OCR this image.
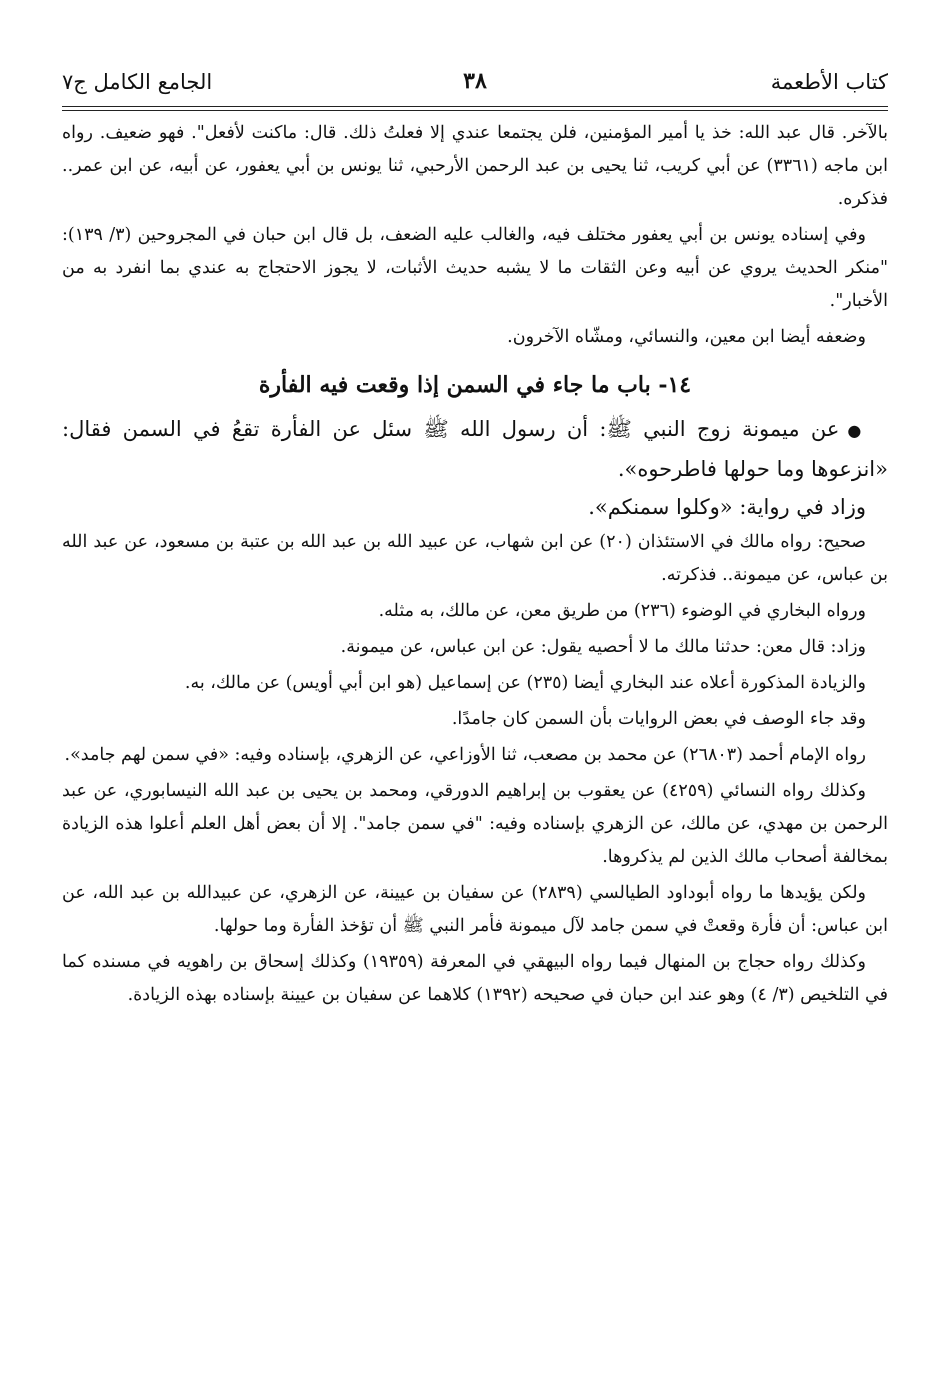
كتاب الأطعمة
٣٨
الجامع الكامل ج٧

بالآخر. قال عبد الله: خذ يا أمير المؤمنين، فلن يجتمعا عندي إلا فعلتُ ذلك. قال: ماكنت لأفعل". فهو ضعيف. رواه ابن ماجه (٣٣٦١) عن أبي كريب، ثنا يحيى بن عبد الرحمن الأرحبي، ثنا يونس بن أبي يعفور، عن أبيه، عن ابن عمر.. فذكره.

وفي إسناده يونس بن أبي يعفور مختلف فيه، والغالب عليه الضعف، بل قال ابن حبان في المجروحين (٣/ ١٣٩): "منكر الحديث يروي عن أبيه وعن الثقات ما لا يشبه حديث الأثبات، لا يجوز الاحتجاج به عندي بما انفرد به من الأخبار".

وضعفه أيضا ابن معين، والنسائي، ومشّاه الآخرون.

١٤- باب ما جاء في السمن إذا وقعت فيه الفأرة

●عن ميمونة زوج النبي ﷺ: أن رسول الله ﷺ سئل عن الفأرة تقعُ في السمن فقال: «انزعوها وما حولها فاطرحوه».

وزاد في رواية: «وكلوا سمنكم».

صحيح: رواه مالك في الاستئذان (٢٠) عن ابن شهاب، عن عبيد الله بن عبد الله بن عتبة بن مسعود، عن عبد الله بن عباس، عن ميمونة.. فذكرته.

ورواه البخاري في الوضوء (٢٣٦) من طريق معن، عن مالك، به مثله.

وزاد: قال معن: حدثنا مالك ما لا أحصيه يقول: عن ابن عباس، عن ميمونة.

والزيادة المذكورة أعلاه عند البخاري أيضا (٢٣٥) عن إسماعيل (هو ابن أبي أويس) عن مالك، به.

وقد جاء الوصف في بعض الروايات بأن السمن كان جامدًا.

رواه الإمام أحمد (٢٦٨٠٣) عن محمد بن مصعب، ثنا الأوزاعي، عن الزهري، بإسناده وفيه: «في سمن لهم جامد».

وكذلك رواه النسائي (٤٢٥٩) عن يعقوب بن إبراهيم الدورقي، ومحمد بن يحيى بن عبد الله النيسابوري، عن عبد الرحمن بن مهدي، عن مالك، عن الزهري بإسناده وفيه: "في سمن جامد". إلا أن بعض أهل العلم أعلوا هذه الزيادة بمخالفة أصحاب مالك الذين لم يذكروها.

ولكن يؤيدها ما رواه أبوداود الطيالسي (٢٨٣٩) عن سفيان بن عيينة، عن الزهري، عن عبيدالله بن عبد الله، عن ابن عباس: أن فأرة وقعتْ في سمن جامد لآل ميمونة فأمر النبي ﷺ أن تؤخذ الفأرة وما حولها.

وكذلك رواه حجاج بن المنهال فيما رواه البيهقي في المعرفة (١٩٣٥٩) وكذلك إسحاق بن راهويه في مسنده كما في التلخيص (٣/ ٤) وهو عند ابن حبان في صحيحه (١٣٩٢) كلاهما عن سفيان بن عيينة بإسناده بهذه الزيادة.
